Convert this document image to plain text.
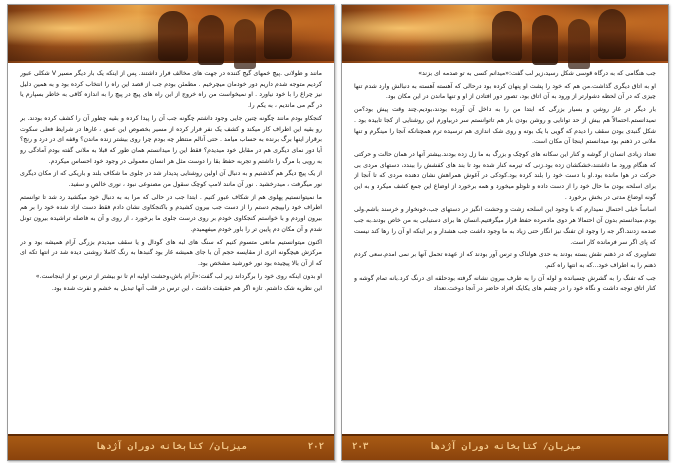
مانند و طولانی .پیچ خمهای گیج کننده در جهت های مخالف فرار داشتند. پس از اینکه یک بار دیگر مسیر V شکلی عبور کردیم متوجه شدم داریم دور خودمان میچرخیم . مطمئن بودم جب از قصد این راه را انتخاب کرده بود و به همین دلیل نیز چراغ را با خود نیاورد . او نمیخواست من راه خروج از این راه های پیچ در پیچ را به اندازه کافی به خاطر بسپارم یا در گم می ماندیم ، به یکم را.

کنجکاو بودم مانند چگونه چنین جایی وجود داشتم چگونه جب آن را پیدا کرده و بقیه چطور آن را کشف کرده بودند. بر رو بقیه این اطراف کار میکند و کشف یک نفر فرار کرده از مسیر بخصوص این عمق ، غارها در شرایط فعلی سکوت برقرار اینها برگ برنده به حساب میامد . حتی آنالم منتظر چه بودم چرا روی بیشتر زنده ماندن؟ وقفه ای در درد و رنج؟ آیا دور نمای دیگری هم در مقابل خود میدیدم؟ فقط این را میدانستم همان طور که قبلا به ملانی گفته بودم آمادگی رو به رویی با مرگ را داشتم و تجربه حفظ بقا را دوست مثل هر انسان معمولی در وجود خود احساس میکردم.

از یک پیچ دیگر هم گذشتیم و به دنبال آن اولین روشنایی پدیدار شد در جلوی ما شکاف بلند و باریکی که از مکان دیگری نور میگرفت ، میدرخشید . نور آن مانند لامپ کوچک سقول من مصنوعی نبود ، نوری خالص و سفید.

ما نمیتوانستیم پهلوی هم از شکاف عبور کنیم . ابتدا جب در حالی که مرا به به دنبال خود میکشید رد شد تا توانستم اطراف خود رابپیچم دستم را از دست جب بیرون کشیدم و باکنجکاوی نشان دادم فقط دست ازاد شده خود را بر هم بیرون اوردم و با خواستم کنجکاوی خودم بر روی درست جلوی ما برخورد ، از روی و آن به فاصله تراشیده بیرون تونل شدم و آن مکان دم پایین تر را باور خودم میفهمیدم.

اکنون میتوانستیم مانعی متسوم کنیم که سنگ های لبه های گودال و یا سقف میدیدم بزرگی آرام همیشه بود و در مرکزش هیچگونه اثری از مقایسه حجم آن با جای همیشه غار بود گنبدها به رنگ کاملا روشنی دیده شد در انتها تکه ای که از آن بالا پیچیده بود نور خورشید مشخص بود.

او بدون اینکه روی خود را برگرداند زیر لب گفت:«آرام باش،وحشت اولیه ام تا نو بیشتر از ترس تو از اینجاست.»

این نظریه شک داشتم. تازه اگر هم حقیقت داشت ، این ترس در قلب آنها تبدیل به خشم و نفرت شده بود.

میزبان/ کتابخانه دوران آژدها	۲۰۲

جب هنگامی که به درگاه قوسی شکل رسید،زیر لب گفت:«میدانم کسی به تو صدمه ای بزند»

او به اتاق دیگری گذاشت.من هم که خود را پشت او پنهان کرده بود درحالی که آهسته آهسته به دنبالش وارد شدم تنها چیزی که در آن لحظه دشوارتر از ورود به آن اتاق بود، تصور دور افتادن از او و تنها ماندن در این مکان بود.

بار دیگر در غار روشن و بسیار بزرگی که ابتدا من را به داخل آن آورده بودند،بودیم.چند وقت پیش بود؟من نمیدانستم.احتمالاً هم بیش از حد توانایی و روشن بودن بار هم تاتوانستم سر دربیاورم این روشنایی از کجا تابیده بود . شکل گنبدی بودن سقف را دیدم که گویی با یک بوته و روی شک اندازی هم ترسیده ترم همچنانکه آنجا را مینگرم و تنها ملانی در ذهنم بود میدانستم اینجا آن مکان است.

تعداد زیادی انسان از گوشه و کنار این سکانه های کوچک و بزرگ به ما زل زده بودند.بیشتر آنها در همان حالت و حرکتی که هنگام ورود ما داشتند،خشکشان زده بود.زنی که تیرمه کنار شده بود تا بند های کفشش را ببندد، دستهای مردی بی حرکت در هوا مانده بود.او با دست خود را بلند کرده بود.کودکی در آغوش همراهش نشان دهنده مردی که تا آنجا از برای اسلحه بودن ما حال خود را از دست داده و تلوتلو میخورد و همه برخورد از اوضاع این جمع کشف میکرد و به این گونه اوضاع مدتی در بخش برخورد .

اساساً خیلی احتمال نمیدارم که با وجود این اسلحه زشت و وحشت انگیز در دستهای جب،خونخوار و خرسند باشم.ولی بودم.ميدانستم بدون آن احتمالا هر دوی مادمرده حفظ قرار میگرفتیم.انسان ها برای دستیابی به من خاص بودند.به جب صدمه زدنند.اگر جه را وجود ان تفنگ نیز انگار حتی زیاد به ما وجود داشت جب هشدار و بر اینکه او آن را رها کند نیست که پای اگر سر فرمانده کار است.

تصاویری که در ذهنم نقش بسته بودند به حدی هولناک و ترس آور بودند که از عهده تحمل آنها بر نمی امدم.سعی کردم ذهنم را به اطراف خود...که به انتها راه کنم.

جب که تفنگ را به گشرش چسبانده و لوله آن را به طرف بیرون نشانه گرفته بودحلقه ای درنگ کرد.بانه تمام گوشه و کنار اتاق توجه داشت و نگاه خود را در چشم های یکایک افراد حاضر در آنجا دوخت.تعداد

میزبان/ کتابخانه دوران آژدها
۲۰۳
